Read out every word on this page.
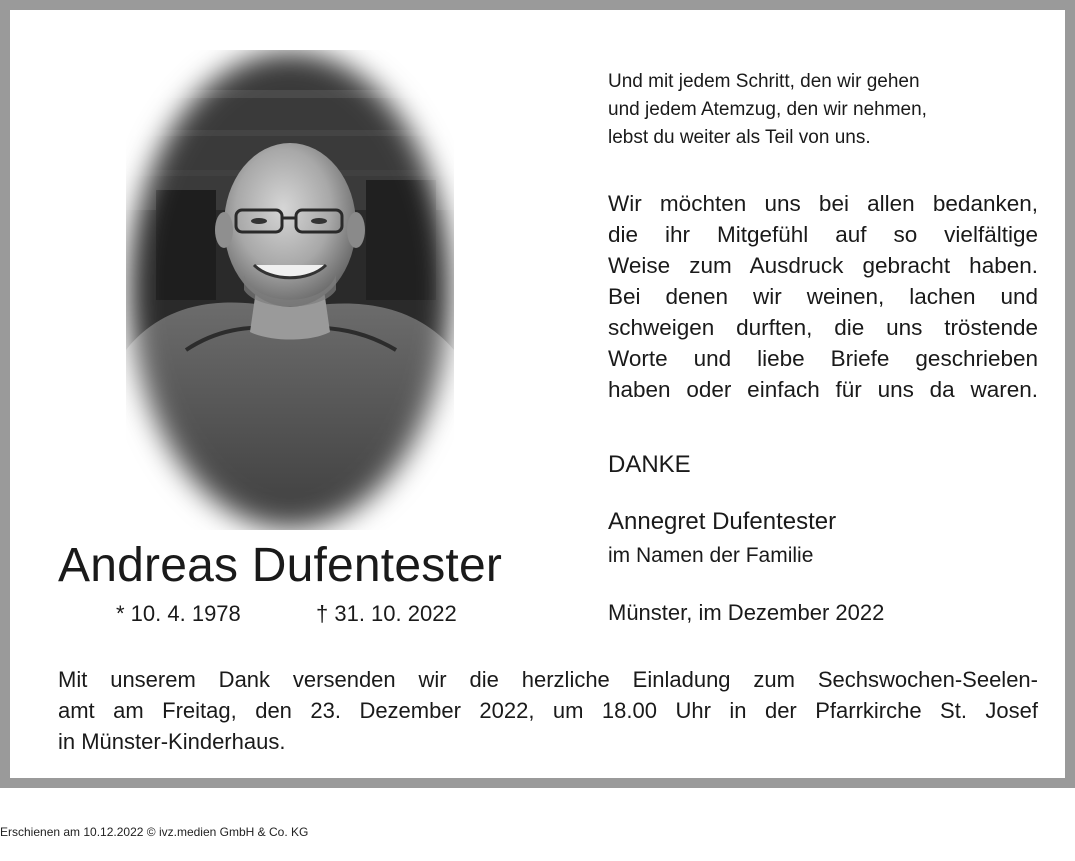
Und mit jedem Schritt, den wir gehen
und jedem Atemzug, den wir nehmen,
lebst du weiter als Teil von uns.
Wir möchten uns bei allen bedanken,
die ihr Mitgefühl auf so vielfältige
Weise zum Ausdruck gebracht haben.
Bei denen wir weinen, lachen und
schweigen durften, die uns tröstende
Worte und liebe Briefe geschrieben
haben oder einfach für uns da waren.
DANKE
Annegret Dufentester
im Namen der Familie
Andreas Dufentester
* 10. 4. 1978	† 31. 10. 2022	Münster, im Dezember 2022
Mit unserem Dank versenden wir die herzliche Einladung zum Sechswochen-Seelen-
amt am Freitag, den 23. Dezember 2022, um 18.00 Uhr in der Pfarrkirche St. Josef
in Münster-Kinderhaus.
Erschienen am 10.12.2022 © ivz.medien GmbH & Co. KG
